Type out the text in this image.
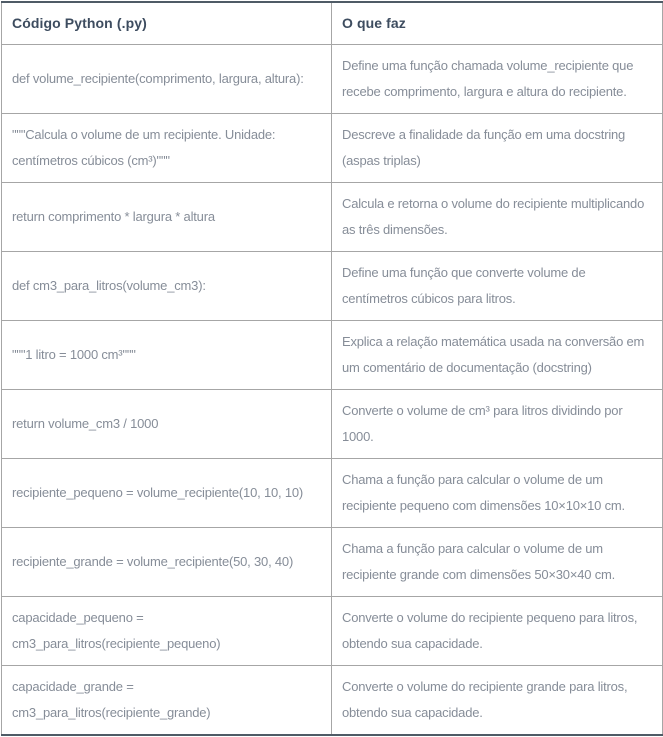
Código Python (.py)	O que faz
def volume_recipiente(comprimento, largura, altura):	Define uma função chamada volume_recipiente que recebe comprimento, largura e altura do recipiente.
"""Calcula o volume de um recipiente. Unidade: centímetros cúbicos (cm³)"""	Descreve a finalidade da função em uma docstring (aspas triplas)
return comprimento * largura * altura	Calcula e retorna o volume do recipiente multiplicando as três dimensões.
def cm3_para_litros(volume_cm3):	Define uma função que converte volume de centímetros cúbicos para litros.
"""1 litro = 1000 cm³"""	Explica a relação matemática usada na conversão em um comentário de documentação (docstring)
return volume_cm3 / 1000	Converte o volume de cm³ para litros dividindo por 1000.
recipiente_pequeno = volume_recipiente(10, 10, 10)	Chama a função para calcular o volume de um recipiente pequeno com dimensões 10×10×10 cm.
recipiente_grande = volume_recipiente(50, 30, 40)	Chama a função para calcular o volume de um recipiente grande com dimensões 50×30×40 cm.
capacidade_pequeno = cm3_para_litros(recipiente_pequeno)	Converte o volume do recipiente pequeno para litros, obtendo sua capacidade.
capacidade_grande = cm3_para_litros(recipiente_grande)	Converte o volume do recipiente grande para litros, obtendo sua capacidade.
